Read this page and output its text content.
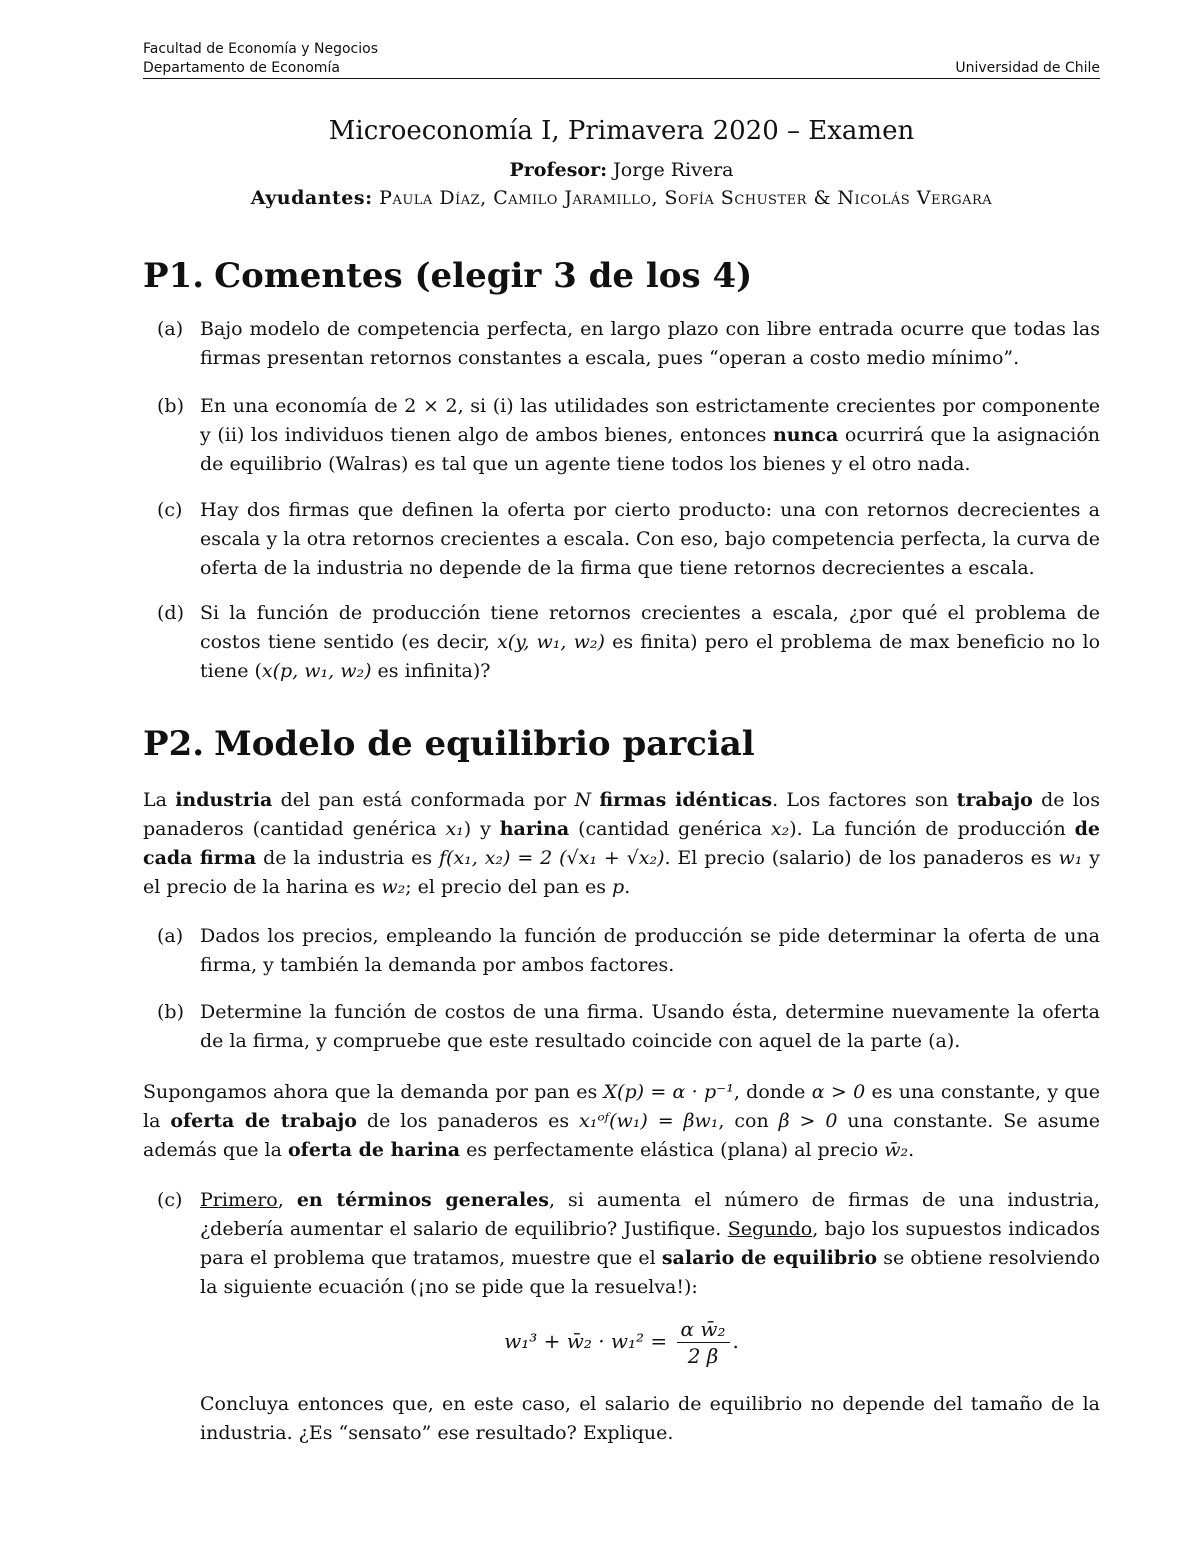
Facultad de Economía y Negocios
Departamento de Economía	Universidad de Chile
Microeconomía I, Primavera 2020 – Examen
Profesor: Jorge Rivera
Ayudantes: Paula Díaz, Camilo Jaramillo, Sofía Schuster & Nicolás Vergara
P1. Comentes (elegir 3 de los 4)
(a) Bajo modelo de competencia perfecta, en largo plazo con libre entrada ocurre que todas las firmas presentan retornos constantes a escala, pues “operan a costo medio mínimo”.
(b) En una economía de 2 × 2, si (i) las utilidades son estrictamente crecientes por componente y (ii) los individuos tienen algo de ambos bienes, entonces nunca ocurrirá que la asignación de equilibrio (Walras) es tal que un agente tiene todos los bienes y el otro nada.
(c) Hay dos firmas que definen la oferta por cierto producto: una con retornos decrecientes a escala y la otra retornos crecientes a escala. Con eso, bajo competencia perfecta, la curva de oferta de la industria no depende de la firma que tiene retornos decrecientes a escala.
(d) Si la función de producción tiene retornos crecientes a escala, ¿por qué el problema de costos tiene sentido (es decir, x(y, w₁, w₂) es finita) pero el problema de max beneficio no lo tiene (x(p, w₁, w₂) es infinita)?
P2. Modelo de equilibrio parcial
La industria del pan está conformada por N firmas idénticas. Los factores son trabajo de los panaderos (cantidad genérica x₁) y harina (cantidad genérica x₂). La función de producción de cada firma de la industria es f(x₁, x₂) = 2 (√x₁ + √x₂). El precio (salario) de los panaderos es w₁ y el precio de la harina es w₂; el precio del pan es p.
(a) Dados los precios, empleando la función de producción se pide determinar la oferta de una firma, y también la demanda por ambos factores.
(b) Determine la función de costos de una firma. Usando ésta, determine nuevamente la oferta de la firma, y compruebe que este resultado coincide con aquel de la parte (a).
Supongamos ahora que la demanda por pan es X(p) = α · p⁻¹, donde α > 0 es una constante, y que la oferta de trabajo de los panaderos es x₁ᵒᶠ(w₁) = βw₁, con β > 0 una constante. Se asume además que la oferta de harina es perfectamente elástica (plana) al precio w̄₂.
(c) Primero, en términos generales, si aumenta el número de firmas de una industria, ¿debería aumentar el salario de equilibrio? Justifique. Segundo, bajo los supuestos indicados para el problema que tratamos, muestre que el salario de equilibrio se obtiene resolviendo la siguiente ecuación (¡no se pide que la resuelva!):
w₁³ + w̄₂ · $w_1^2 = \frac{\text{α w̄₂}}{2 \beta}$ .
Concluya entonces que, en este caso, el salario de equilibrio no depende del tamaño de la industria. ¿Es “sensato” ese resultado? Explique.
